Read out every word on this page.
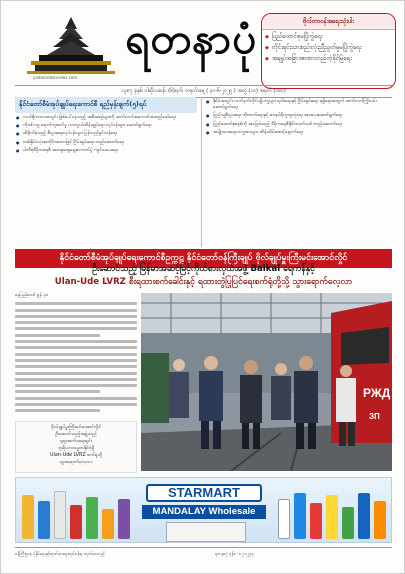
yadanarbonnews.com
ရတနာပုံ	ဗိုလ်တာဝန်အရေးသုံးပါး
◆ ပြည်ထောင်စုမပြိုကွဲရေး
◆ တိုင်းရင်းသားစည်းလုံးညီညွတ်မှုမပြိုကွဲရေး
◆ အချုပ်အခြာအာဏာတည်တံ့ခိုင်မြဲရေး
၁၃၈၇ ခုနှစ်၊ ဝါဆိုလဆန်း (၆)ရက်၊ တနင်္လာနေ့ ( ၃၀-၆-၂၀၂၅ ) အတွဲ (၁၀) အမှတ် (၁၈၀)
နိုင်ငံတော်စီမံအုပ်ချုပ်ရေးကောင်စီ ရည်မှန်းချက်(၅)ရပ်
● လက်ရှိကာလအတွင်း ဖြစ်ပေါ်နေသည့် အစီအစဉ်များကို ဆက်လက်အကောင်အထည်ဖော်ရေး
● ကိုဗစ်-၁၉ ရောဂါကူးစက်မှု ကာကွယ်ထိန်းချုပ်ရေး လုပ်ငန်းများ ဆောင်ရွက်ရေး
● ထိခိုက်ခဲ့သည့် စီးပွားရေးလုပ်ငန်းများ ပြန်လည်ရှင်သန်ရေး
● တစ်နိုင်ငံလုံးအတိုင်းအတာဖြင့် ငြိမ်းချမ်းရေး တည်ဆောက်ရေး
● ပါတီစုံဒီမိုကရေစီ အထွေထွေရွေးကောက်ပွဲ ကျင်းပပေးရေး
● နိုင်ငံအတွင်း လက်နက်ကိုင်ပဋိပက္ခများ ရပ်စဲရေးနှင့် ငြိမ်းချမ်းရေး ရရှိရေးအတွက် ဆက်လက်ကြိုးပမ်းဆောင်ရွက်ရေး
● ပြည်သူ့စီးပွားရေး တိုးတက်ရေးနှင့် စားနပ်ရိက္ခာဖူလုံရေး အားပေးဆောင်ရွက်ရေး
● ပြည်ထောင်စုစနစ်ကို အခြေခံသည့် ဒီမိုကရေစီနိုင်ငံတော်သစ် တည်ဆောက်ရေး
● အမျိုးသားရေးလက္ခဏာများ ထိန်းသိမ်းစောင့်ရှောက်ရေး
နိုင်ငံတော်စီမံအုပ်ချုပ်ရေးကောင်စီဥက္ကဋ္ဌ နိုင်ငံတော်ဝန်ကြီးချုပ် ဗိုလ်ချုပ်မှူးကြီးမင်းအောင်လှိုင်
ဦးဆောင်သည့် မြန်မာအဆင့်မြင့်ကိုယ်စားလှယ်အဖွဲ့ Baikal ရေကန်နှင့်
Ulan-Ude LVRZ စီးရထားစက်ခေါင်းနှင့် ရထားတွဲပြုပြင်ရေးစက်ရုံတို့သို့ သွားရောက်လေ့လာ
နေပြည်တော် ဇွန် ၃၀
ဗိုလ်ချုပ်မှူးကြီးမင်းအောင်လှိုင်
ဦးဆောင်သည့်အဖွဲ့သည်
ရုရှားဖက်ဒရေးရှင်း
ဘူရီယာသမ္မတနိုင်ငံရှိ
Ulan-Ude LVRZ စက်ရုံသို့
သွားရောက်လေ့လာ
РЖД
ЗП
STARMART
MANDALAY Wholesale
ဝန်ကြီးဌာန ပုံနှိပ်ရေးနှင့်ထုတ်ဝေရေးလုပ်ငန်းမှ ထုတ်ဝေသည်	ရတနာပုံ ဖုန်း - ၀၂-၁၂၃၄
